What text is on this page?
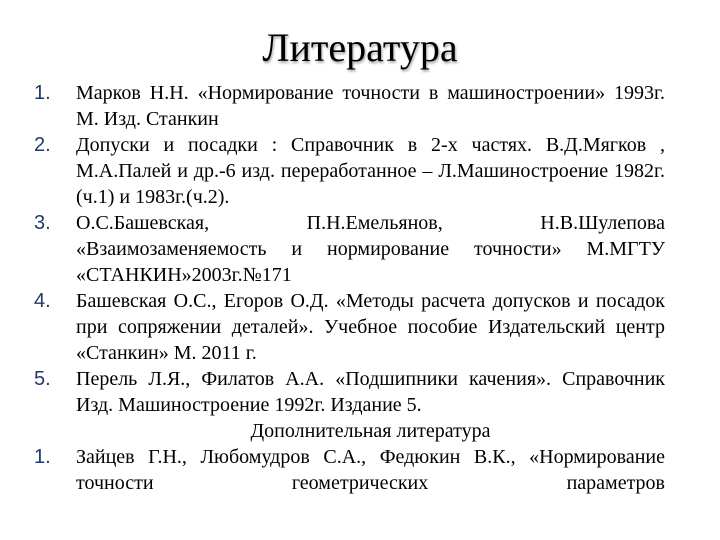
Литература
1. Марков Н.Н. «Нормирование точности в машиностроении» 1993г. М. Изд. Станкин
2. Допуски и посадки : Справочник в 2-х частях. В.Д.Мягков , М.А.Палей и др.-6 изд. переработанное – Л.Машиностроение 1982г.(ч.1) и 1983г.(ч.2).
3. О.С.Башевская, П.Н.Емельянов, Н.В.Шулепова «Взаимозаменяемость и нормирование точности» М.МГТУ «СТАНКИН»2003г.№171
4. Башевская О.С., Егоров О.Д. «Методы расчета допусков и посадок при сопряжении деталей». Учебное пособие Издательский центр «Станкин» М. 2011 г.
5. Перель Л.Я., Филатов А.А. «Подшипники качения». Справочник Изд. Машиностроение 1992г. Издание 5.
Дополнительная литература
1. Зайцев Г.Н., Любомудров С.А., Федюкин В.К., «Нормирование точности геометрических параметров
